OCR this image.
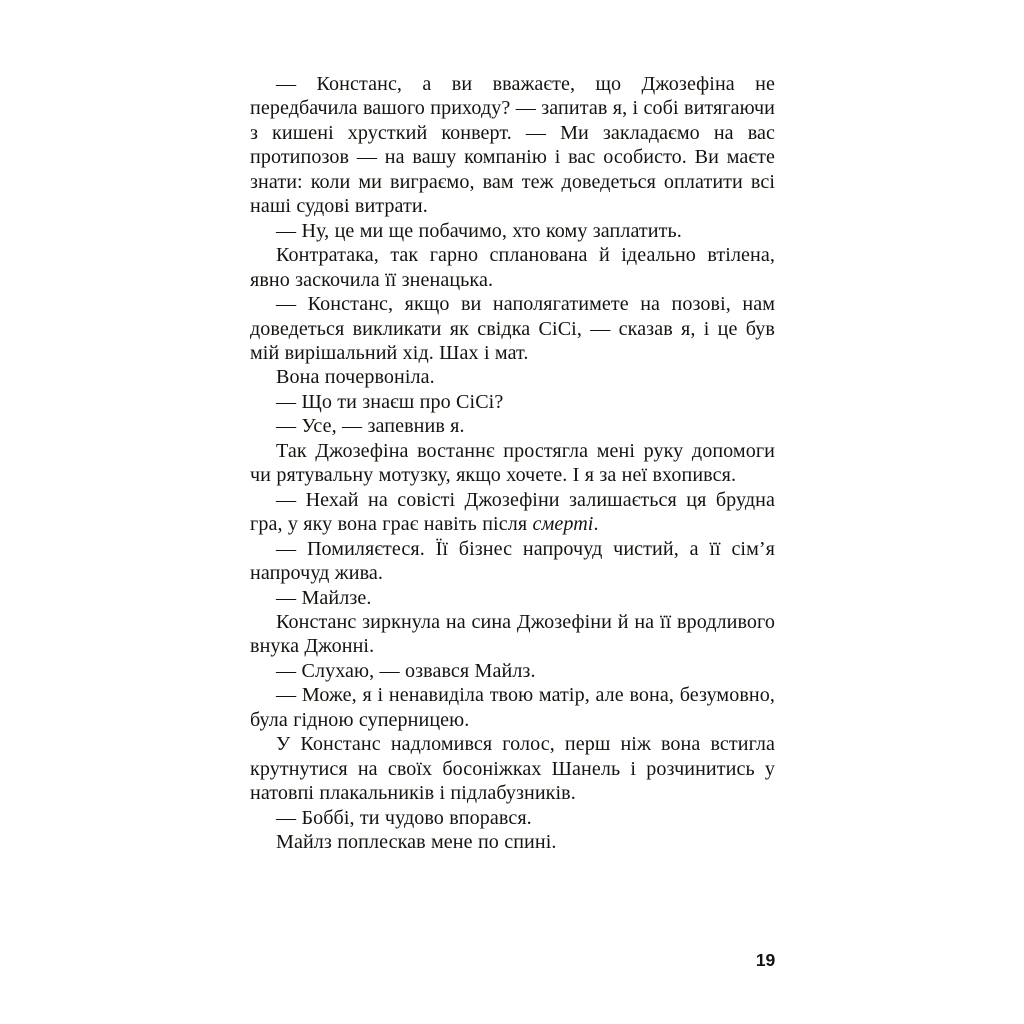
— Констанс, а ви вважаєте, що Джозефіна не передбачила вашого приходу? — запитав я, і собі витягаючи з кишені хрусткий конверт. — Ми закладаємо на вас протипозов — на вашу компанію і вас особисто. Ви маєте знати: коли ми виграємо, вам теж доведеться оплатити всі наші судові витрати.

— Ну, це ми ще побачимо, хто кому заплатить.

Контратака, так гарно спланована й ідеально втілена, явно заскочила її зненацька.

— Констанс, якщо ви наполягатимете на позові, нам доведеться викликати як свідка СіСі, — сказав я, і це був мій вирішальний хід. Шах і мат.

Вона почервоніла.

— Що ти знаєш про СіСі?

— Усе, — запевнив я.

Так Джозефіна востаннє простягла мені руку допомоги чи рятувальну мотузку, якщо хочете. І я за неї вхопився.

— Нехай на совісті Джозефіни залишається ця брудна гра, у яку вона грає навіть після смерті.

— Помиляєтеся. Її бізнес напрочуд чистий, а її сім’я напрочуд жива.

— Майлзе.

Констанс зиркнула на сина Джозефіни й на її вродливого внука Джонні.

— Слухаю, — озвався Майлз.

— Може, я і ненавиділа твою матір, але вона, безумовно, була гідною суперницею.

У Констанс надломився голос, перш ніж вона встигла крутнутися на своїх босоніжках Шанель і розчинитись у натовпі плакальників і підлабузників.

— Боббі, ти чудово впорався.

Майлз поплескав мене по спині.

19
